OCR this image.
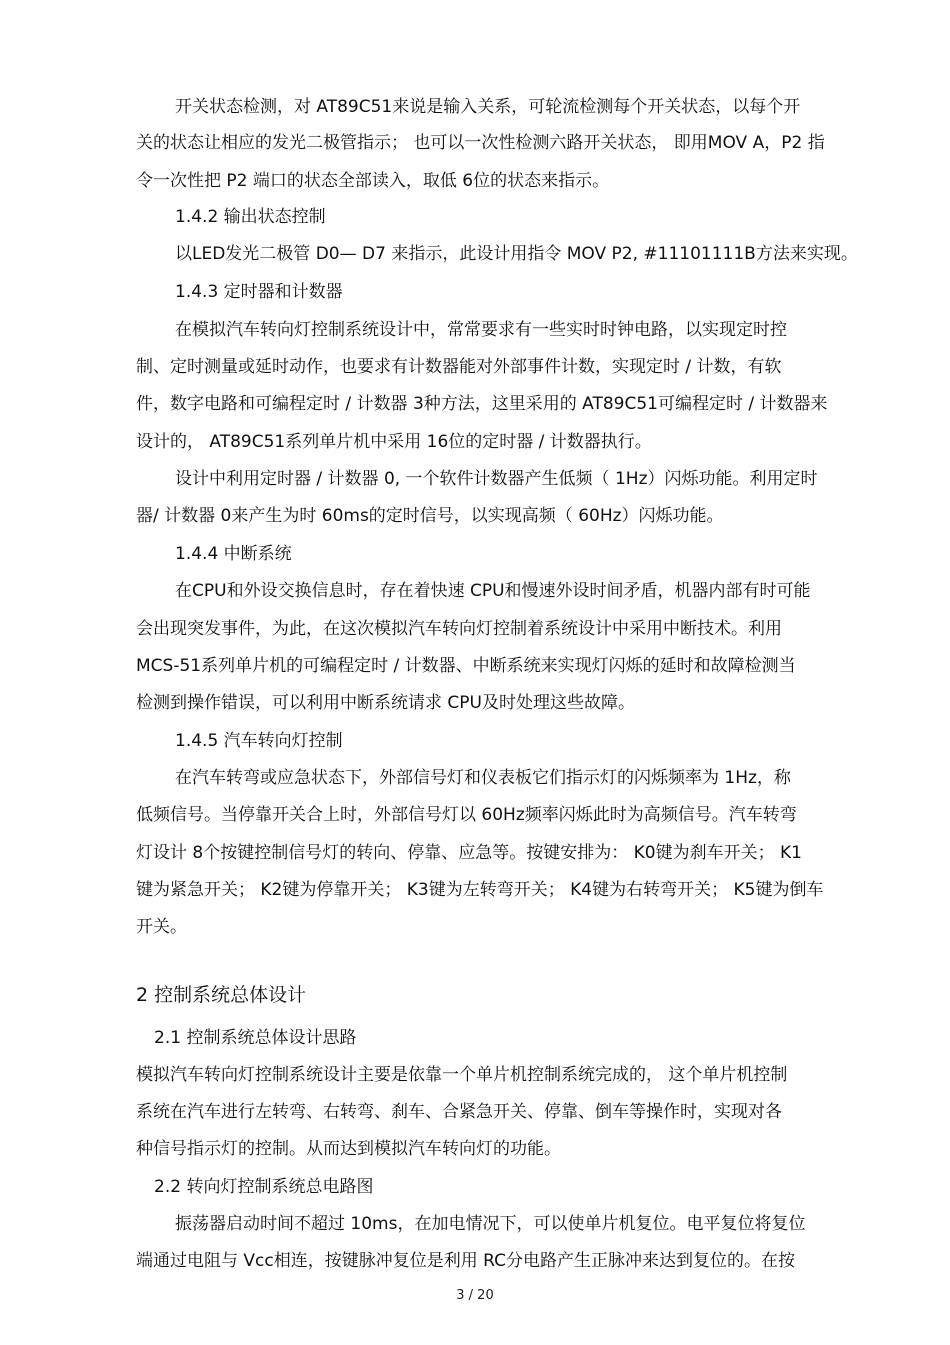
开关状态检测，对 AT89C51来说是输入关系，可轮流检测每个开关状态，以每个开

关的状态让相应的发光二极管指示； 也可以一次性检测六路开关状态， 即用MOV A，P2 指

令一次性把 P2 端口的状态全部读入，取低 6位的状态来指示。

1.4.2 输出状态控制

以LED发光二极管 D0— D7 来指示，此设计用指令 MOV P2, #11101111B方法来实现。

1.4.3 定时器和计数器

在模拟汽车转向灯控制系统设计中，常常要求有一些实时时钟电路，以实现定时控

制、定时测量或延时动作，也要求有计数器能对外部事件计数，实现定时 / 计数，有软

件，数字电路和可编程定时 / 计数器 3种方法，这里采用的 AT89C51可编程定时 / 计数器来

设计的， AT89C51系列单片机中采用 16位的定时器 / 计数器执行。

设计中利用定时器 / 计数器 0, 一个软件计数器产生低频（ 1Hz）闪烁功能。利用定时

器/ 计数器 0来产生为时 60ms的定时信号，以实现高频（ 60Hz）闪烁功能。

1.4.4 中断系统

在CPU和外设交换信息时，存在着快速 CPU和慢速外设时间矛盾，机器内部有时可能

会出现突发事件，为此，在这次模拟汽车转向灯控制着系统设计中采用中断技术。利用

MCS-51系列单片机的可编程定时 / 计数器、中断系统来实现灯闪烁的延时和故障检测当

检测到操作错误，可以利用中断系统请求 CPU及时处理这些故障。

1.4.5 汽车转向灯控制

在汽车转弯或应急状态下，外部信号灯和仪表板它们指示灯的闪烁频率为 1Hz，称

低频信号。当停靠开关合上时，外部信号灯以 60Hz频率闪烁此时为高频信号。汽车转弯

灯设计 8个按键控制信号灯的转向、停靠、应急等。按键安排为： K0键为刹车开关； K1

键为紧急开关； K2键为停靠开关； K3键为左转弯开关； K4键为右转弯开关； K5键为倒车

开关。

2 控制系统总体设计

2.1 控制系统总体设计思路

模拟汽车转向灯控制系统设计主要是依靠一个单片机控制系统完成的， 这个单片机控制

系统在汽车进行左转弯、右转弯、刹车、合紧急开关、停靠、倒车等操作时，实现对各

种信号指示灯的控制。从而达到模拟汽车转向灯的功能。

2.2 转向灯控制系统总电路图

振荡器启动时间不超过 10ms，在加电情况下，可以使单片机复位。电平复位将复位

端通过电阻与 Vcc相连，按键脉冲复位是利用 RC分电路产生正脉冲来达到复位的。在按

3 / 20
